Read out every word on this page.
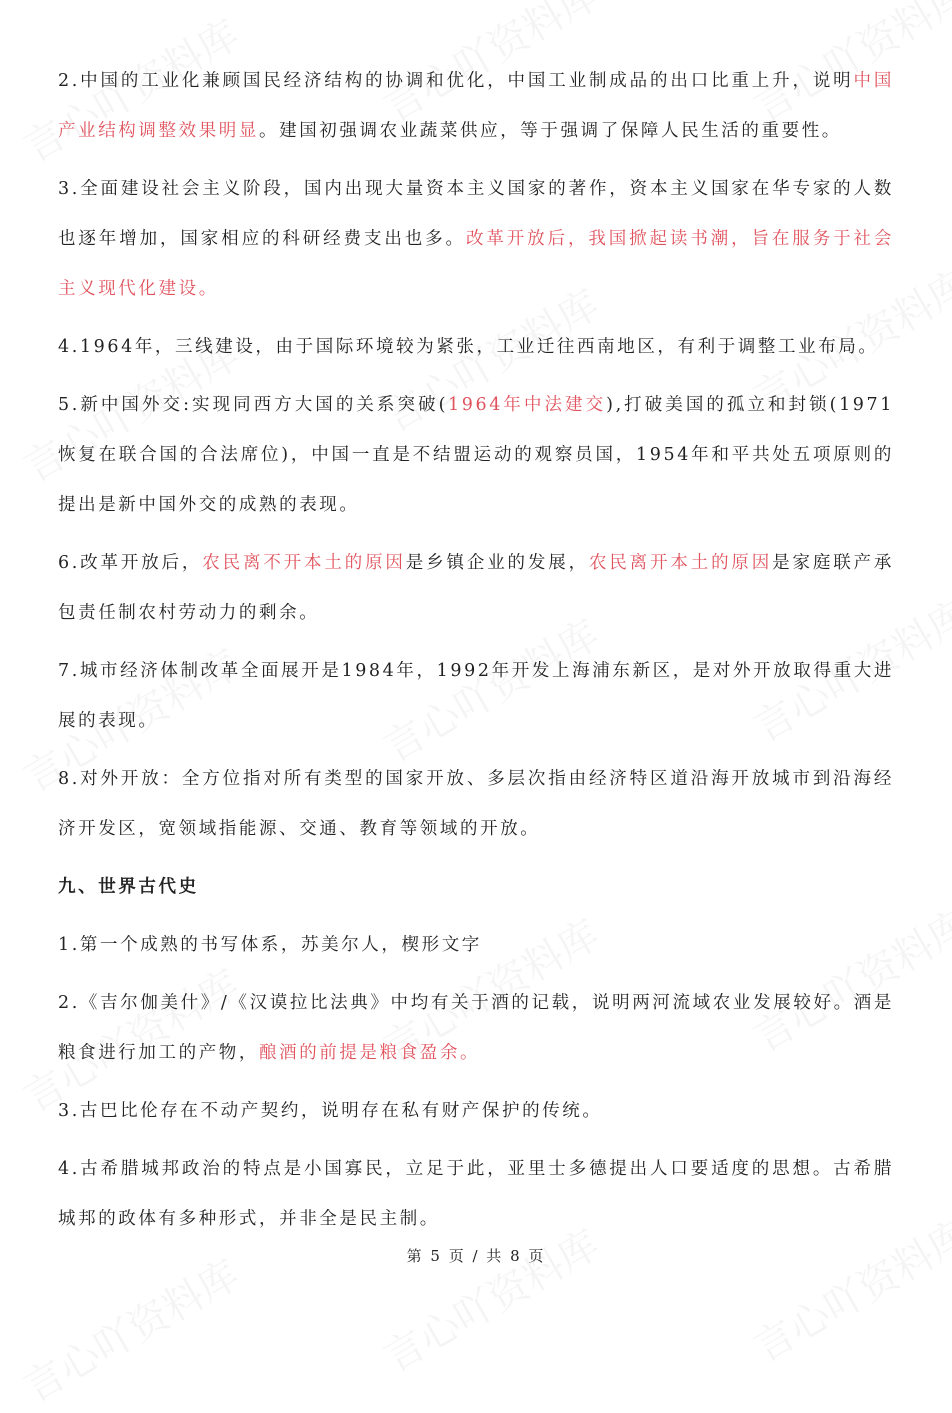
2.中国的工业化兼顾国民经济结构的协调和优化，中国工业制成品的出口比重上升，说明中国产业结构调整效果明显。建国初强调农业蔬菜供应，等于强调了保障人民生活的重要性。

3.全面建设社会主义阶段，国内出现大量资本主义国家的著作，资本主义国家在华专家的人数也逐年增加，国家相应的科研经费支出也多。改革开放后，我国掀起读书潮，旨在服务于社会主义现代化建设。

4.1964年，三线建设，由于国际环境较为紧张，工业迁往西南地区，有利于调整工业布局。

5.新中国外交:实现同西方大国的关系突破(1964年中法建交),打破美国的孤立和封锁(1971恢复在联合国的合法席位)，中国一直是不结盟运动的观察员国，1954年和平共处五项原则的提出是新中国外交的成熟的表现。

6.改革开放后，农民离不开本土的原因是乡镇企业的发展，农民离开本土的原因是家庭联产承包责任制农村劳动力的剩余。

7.城市经济体制改革全面展开是1984年，1992年开发上海浦东新区，是对外开放取得重大进展的表现。

8.对外开放：全方位指对所有类型的国家开放、多层次指由经济特区道沿海开放城市到沿海经济开发区，宽领域指能源、交通、教育等领域的开放。

九、世界古代史

1.第一个成熟的书写体系，苏美尔人，楔形文字

2.《吉尔伽美什》/《汉谟拉比法典》中均有关于酒的记载，说明两河流域农业发展较好。酒是粮食进行加工的产物，酿酒的前提是粮食盈余。

3.古巴比伦存在不动产契约，说明存在私有财产保护的传统。

4.古希腊城邦政治的特点是小国寡民，立足于此，亚里士多德提出人口要适度的思想。古希腊城邦的政体有多种形式，并非全是民主制。

第 5 页 / 共 8 页
